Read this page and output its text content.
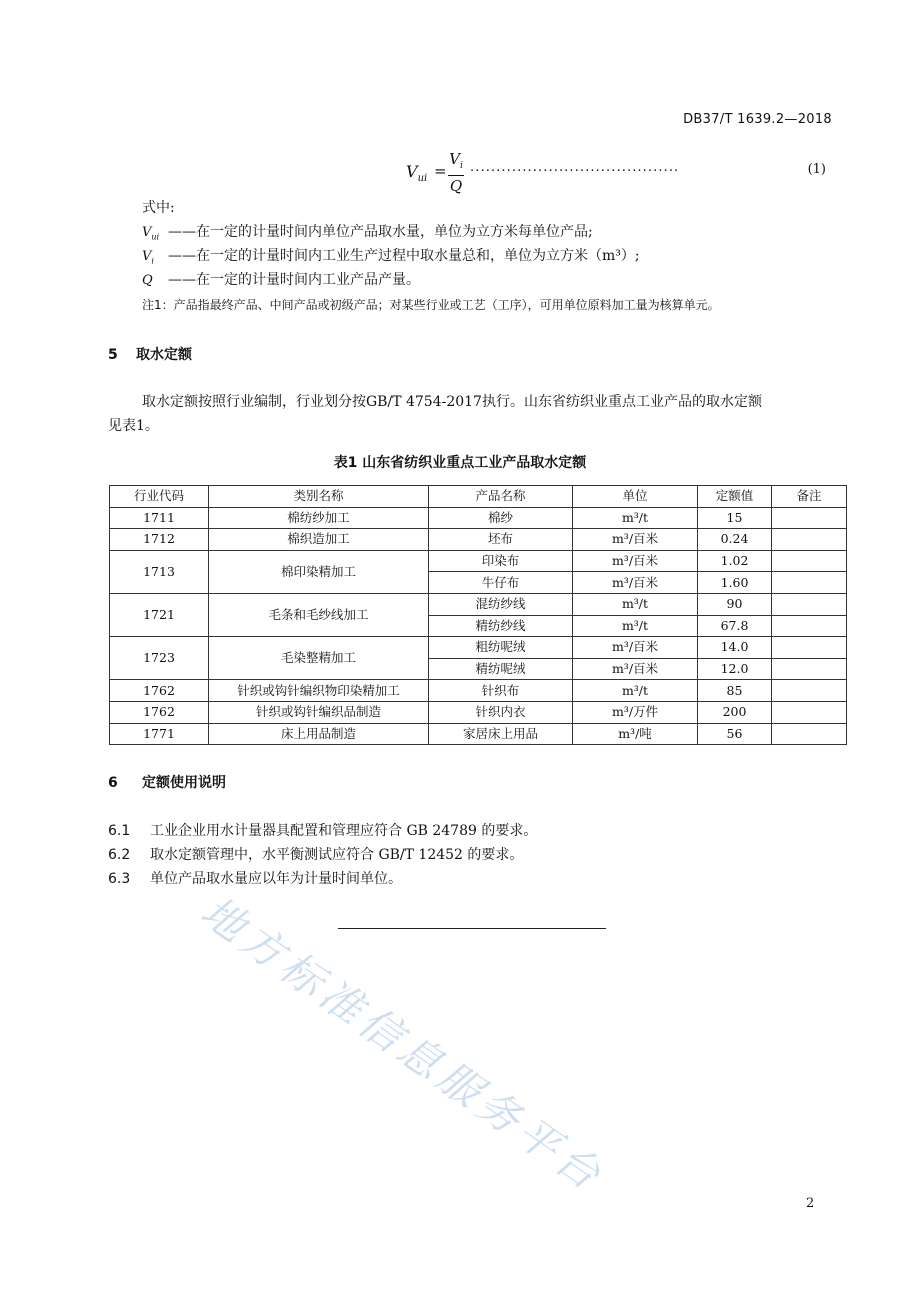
DB37/T 1639.2—2018
$V_{ui} = \frac{V_i}{Q}$ ........................................	(1)
式中:
$V_{ui}$ ——在一定的计量时间内单位产品取水量，单位为立方米每单位产品;
$V_i$ ——在一定的计量时间内工业生产过程中取水量总和，单位为立方米（m³）;
Q ——在一定的计量时间内工业产品产量。
注1：产品指最终产品、中间产品或初级产品；对某些行业或工艺（工序），可用单位原料加工量为核算单元。
5 取水定额
取水定额按照行业编制，行业划分按GB/T 4754-2017执行。山东省纺织业重点工业产品的取水定额
见表1。
表1 山东省纺织业重点工业产品取水定额
行业代码	类别名称	产品名称	单位	定额值	备注
1711	棉纺纱加工	棉纱	m³/t	15	
1712	棉织造加工	坯布	m³/百米	0.24	
1713	棉印染精加工	印染布	m³/百米	1.02	
		牛仔布	m³/百米	1.60	
1721	毛条和毛纱线加工	混纺纱线	m³/t	90	
		精纺纱线	m³/t	67.8	
1723	毛染整精加工	粗纺呢绒	m³/百米	14.0	
		精纺呢绒	m³/百米	12.0	
1762	针织或钩针编织物印染精加工	针织布	m³/t	85	
1762	针织或钩针编织品制造	针织内衣	m³/万件	200	
1771	床上用品制造	家居床上用品	m³/吨	56	
6 定额使用说明
6.1 工业企业用水计量器具配置和管理应符合 GB 24789 的要求。
6.2 取水定额管理中，水平衡测试应符合 GB/T 12452 的要求。
6.3 单位产品取水量应以年为计量时间单位。
地方标准信息服务平台
2
